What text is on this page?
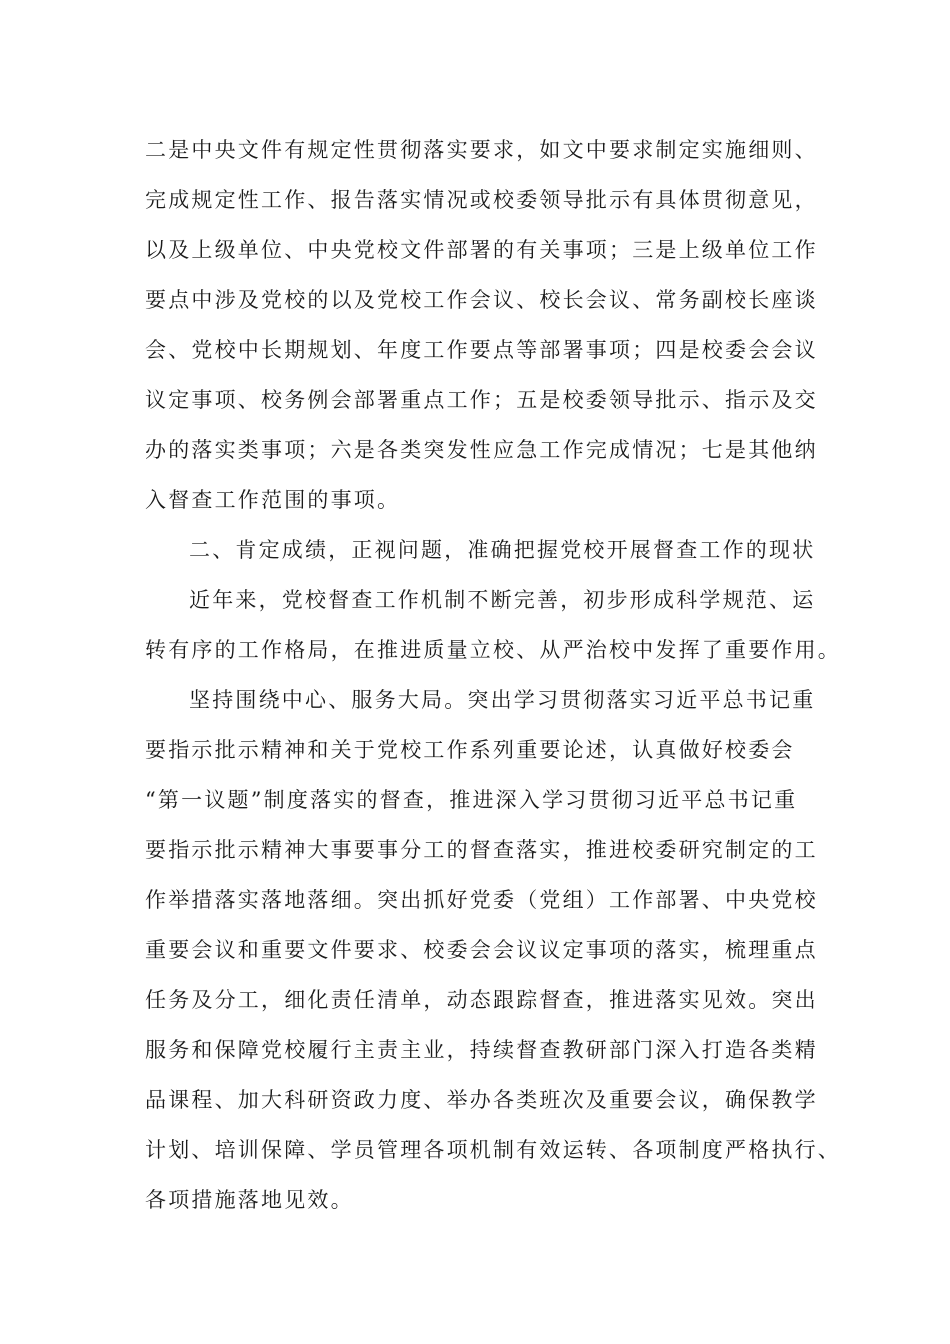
二是中央文件有规定性贯彻落实要求，如文中要求制定实施细则、
完成规定性工作、报告落实情况或校委领导批示有具体贯彻意见，
以及上级单位、中央党校文件部署的有关事项；三是上级单位工作
要点中涉及党校的以及党校工作会议、校长会议、常务副校长座谈
会、党校中长期规划、年度工作要点等部署事项；四是校委会会议
议定事项、校务例会部署重点工作；五是校委领导批示、指示及交
办的落实类事项；六是各类突发性应急工作完成情况；七是其他纳
入督查工作范围的事项。
二、肯定成绩，正视问题，准确把握党校开展督查工作的现状
近年来，党校督查工作机制不断完善，初步形成科学规范、运
转有序的工作格局，在推进质量立校、从严治校中发挥了重要作用。
坚持围绕中心、服务大局。突出学习贯彻落实习近平总书记重
要指示批示精神和关于党校工作系列重要论述，认真做好校委会
“第一议题”制度落实的督查，推进深入学习贯彻习近平总书记重
要指示批示精神大事要事分工的督查落实，推进校委研究制定的工
作举措落实落地落细。突出抓好党委（党组）工作部署、中央党校
重要会议和重要文件要求、校委会会议议定事项的落实，梳理重点
任务及分工，细化责任清单，动态跟踪督查，推进落实见效。突出
服务和保障党校履行主责主业，持续督查教研部门深入打造各类精
品课程、加大科研资政力度、举办各类班次及重要会议，确保教学
计划、培训保障、学员管理各项机制有效运转、各项制度严格执行、
各项措施落地见效。
